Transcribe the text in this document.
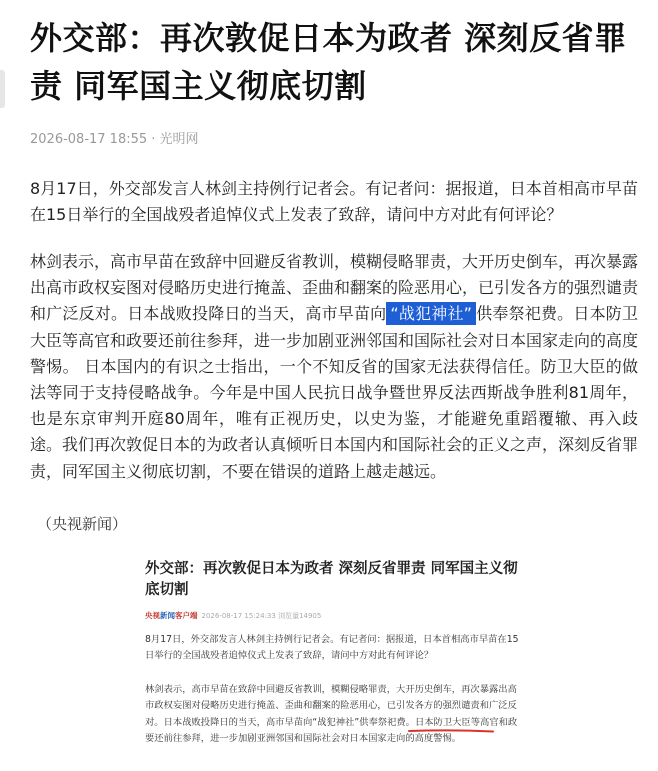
外交部：再次敦促日本为政者 深刻反省罪责 同军国主义彻底切割
2026-08-17 18:55 · 光明网

8月17日，外交部发言人林剑主持例行记者会。有记者问：据报道，日本首相高市早苗在15日举行的全国战殁者追悼仪式上发表了致辞，请问中方对此有何评论？

林剑表示，高市早苗在致辞中回避反省教训，模糊侵略罪责，大开历史倒车，再次暴露出高市政权妄图对侵略历史进行掩盖、歪曲和翻案的险恶用心，已引发各方的强烈谴责和广泛反对。日本战败投降日的当天，高市早苗向 “战犯神社” 供奉祭祀费。日本防卫大臣等高官和政要还前往参拜，进一步加剧亚洲邻国和国际社会对日本国家走向的高度警惕。 日本国内的有识之士指出，一个不知反省的国家无法获得信任。防卫大臣的做法等同于支持侵略战争。今年是中国人民抗日战争暨世界反法西斯战争胜利81周年，也是东京审判开庭80周年，唯有正视历史，以史为鉴，才能避免重蹈覆辙、再入歧途。我们再次敦促日本的为政者认真倾听日本国内和国际社会的正义之声，深刻反省罪责，同军国主义彻底切割，不要在错误的道路上越走越远。

（央视新闻）
外交部：再次敦促日本为政者 深刻反省罪责 同军国主义彻底切割
央视新闻客户端 2026-08-17 15:24:33 浏览量14905

8月17日，外交部发言人林剑主持例行记者会。有记者问：据报道，日本首相高市早苗在15日举行的全国战殁者追悼仪式上发表了致辞，请问中方对此有何评论？

林剑表示，高市早苗在致辞中回避反省教训，模糊侵略罪责，大开历史倒车，再次暴露出高市政权妄图对侵略历史进行掩盖、歪曲和翻案的险恶用心，已引发各方的强烈谴责和广泛反对。日本战败投降日的当天，高市早苗向“战犯神社”供奉祭祀费。日本防卫大臣等高官和政要还前往参拜，进一步加剧亚洲邻国和国际社会对日本国家走向的高度警惕。
